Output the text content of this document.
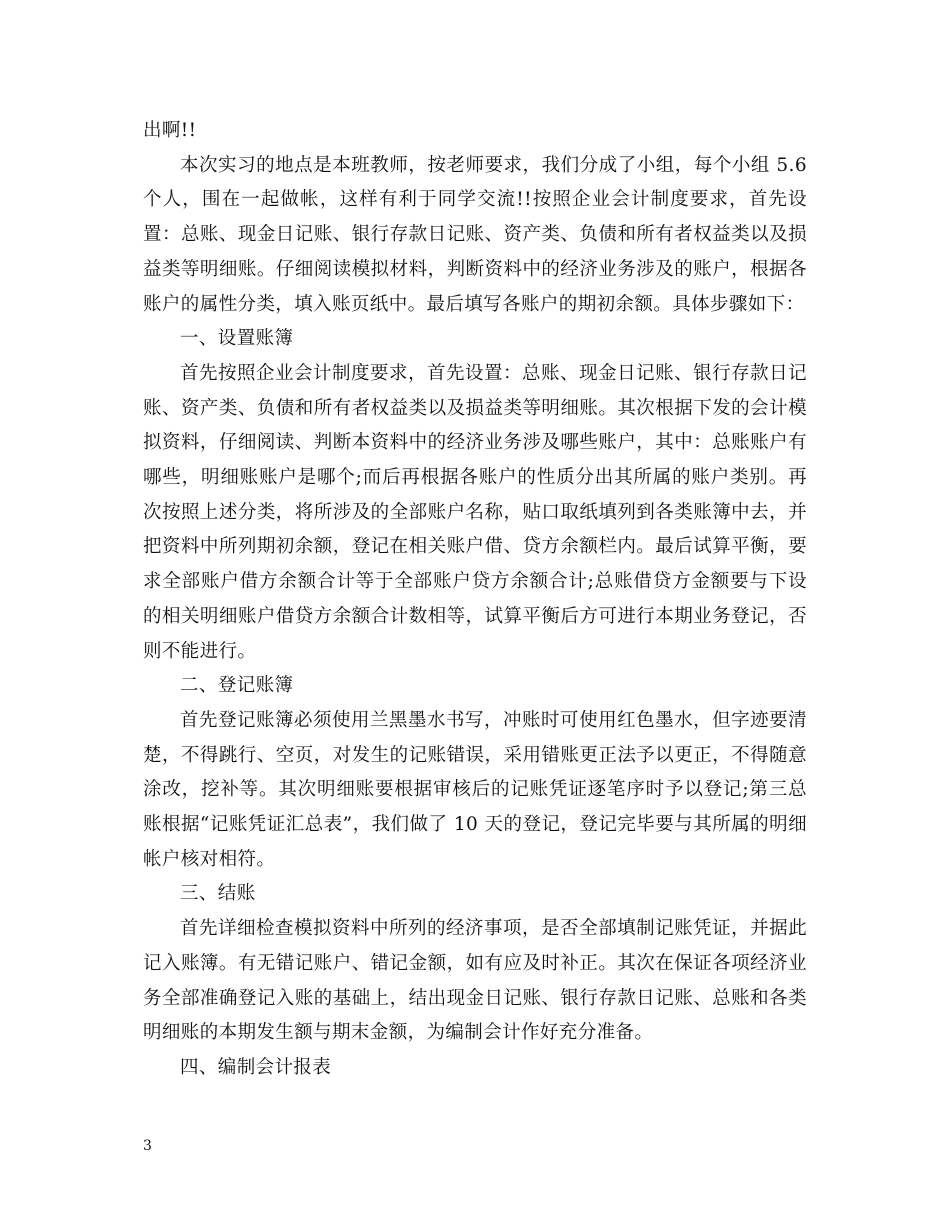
出啊!!

本次实习的地点是本班教师，按老师要求，我们分成了小组，每个小组 5.6 个人，围在一起做帐，这样有利于同学交流!!按照企业会计制度要求，首先设置：总账、现金日记账、银行存款日记账、资产类、负债和所有者权益类以及损益类等明细账。仔细阅读模拟材料，判断资料中的经济业务涉及的账户，根据各账户的属性分类，填入账页纸中。最后填写各账户的期初余额。具体步骤如下：

一、设置账簿

首先按照企业会计制度要求，首先设置：总账、现金日记账、银行存款日记账、资产类、负债和所有者权益类以及损益类等明细账。其次根据下发的会计模拟资料，仔细阅读、判断本资料中的经济业务涉及哪些账户，其中：总账账户有哪些，明细账账户是哪个;而后再根据各账户的性质分出其所属的账户类别。再次按照上述分类，将所涉及的全部账户名称，贴口取纸填列到各类账簿中去，并把资料中所列期初余额，登记在相关账户借、贷方余额栏内。最后试算平衡，要求全部账户借方余额合计等于全部账户贷方余额合计;总账借贷方金额要与下设的相关明细账户借贷方余额合计数相等，试算平衡后方可进行本期业务登记，否则不能进行。

二、登记账簿

首先登记账簿必须使用兰黑墨水书写，冲账时可使用红色墨水，但字迹要清楚，不得跳行、空页，对发生的记账错误，采用错账更正法予以更正，不得随意涂改，挖补等。其次明细账要根据审核后的记账凭证逐笔序时予以登记;第三总账根据“记账凭证汇总表”，我们做了 10 天的登记，登记完毕要与其所属的明细帐户核对相符。

三、结账

首先详细检查模拟资料中所列的经济事项，是否全部填制记账凭证，并据此记入账簿。有无错记账户、错记金额，如有应及时补正。其次在保证各项经济业务全部准确登记入账的基础上，结出现金日记账、银行存款日记账、总账和各类明细账的本期发生额与期末金额，为编制会计作好充分准备。

四、编制会计报表

3
